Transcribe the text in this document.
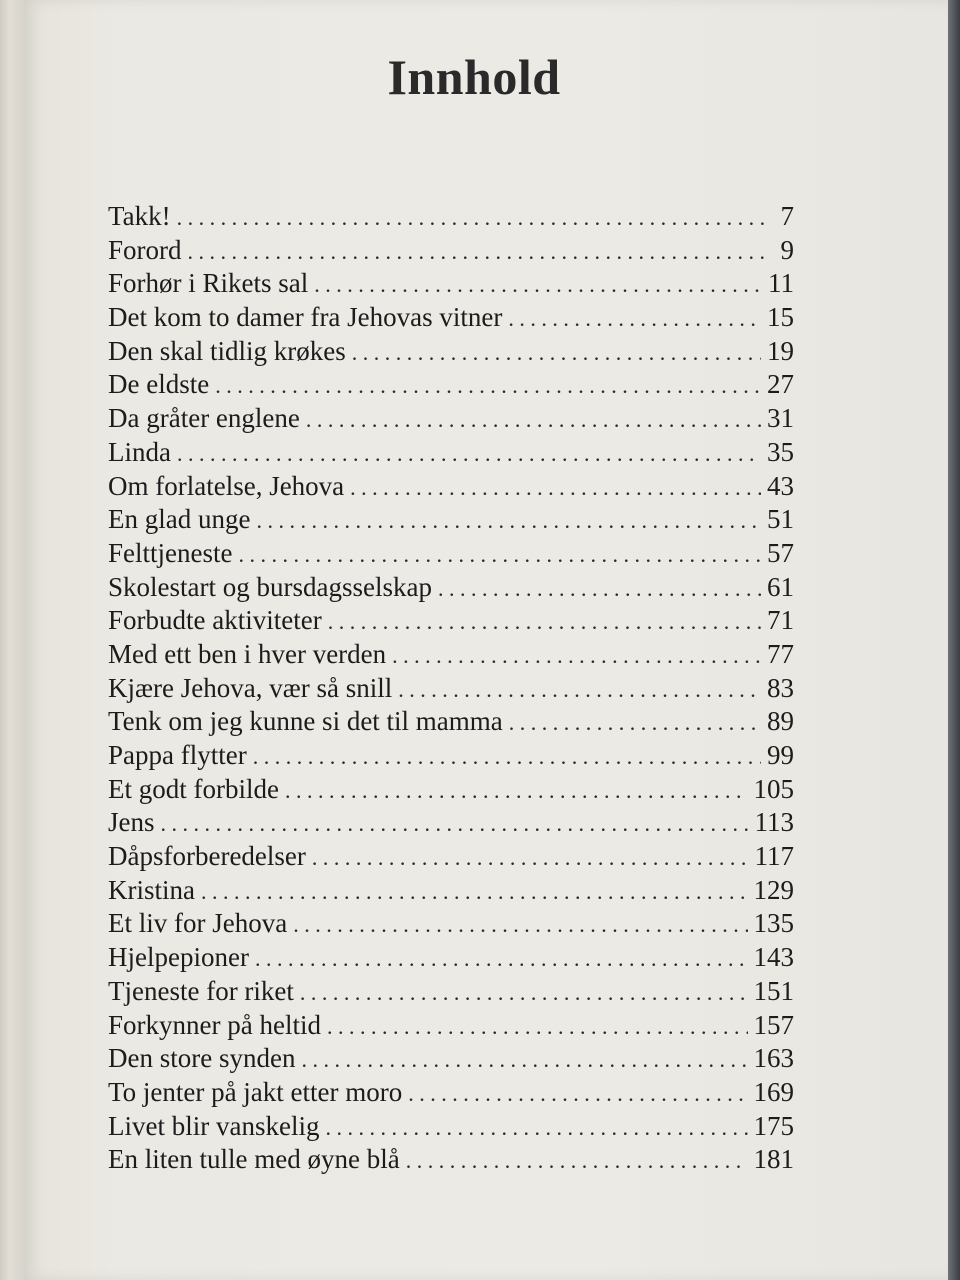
Innhold
Takk! . . .	7
Forord . . .	9
Forhør i Rikets sal . . .	11
Det kom to damer fra Jehovas vitner . . .	15
Den skal tidlig krøkes . . .	19
De eldste . . .	27
Da gråter englene . . .	31
Linda . . .	35
Om forlatelse, Jehova . . .	43
En glad unge . . .	51
Felttjeneste . . .	57
Skolestart og bursdagsselskap . . .	61
Forbudte aktiviteter . . .	71
Med ett ben i hver verden . . .	77
Kjære Jehova, vær så snill . . .	83
Tenk om jeg kunne si det til mamma . . .	89
Pappa flytter . . .	99
Et godt forbilde . . .	105
Jens . . .	113
Dåpsforberedelser . . .	117
Kristina . . .	129
Et liv for Jehova . . .	135
Hjelpepioner . . .	143
Tjeneste for riket . . .	151
Forkynner på heltid . . .	157
Den store synden . . .	163
To jenter på jakt etter moro . . .	169
Livet blir vanskelig . . .	175
En liten tulle med øyne blå . . .	181
